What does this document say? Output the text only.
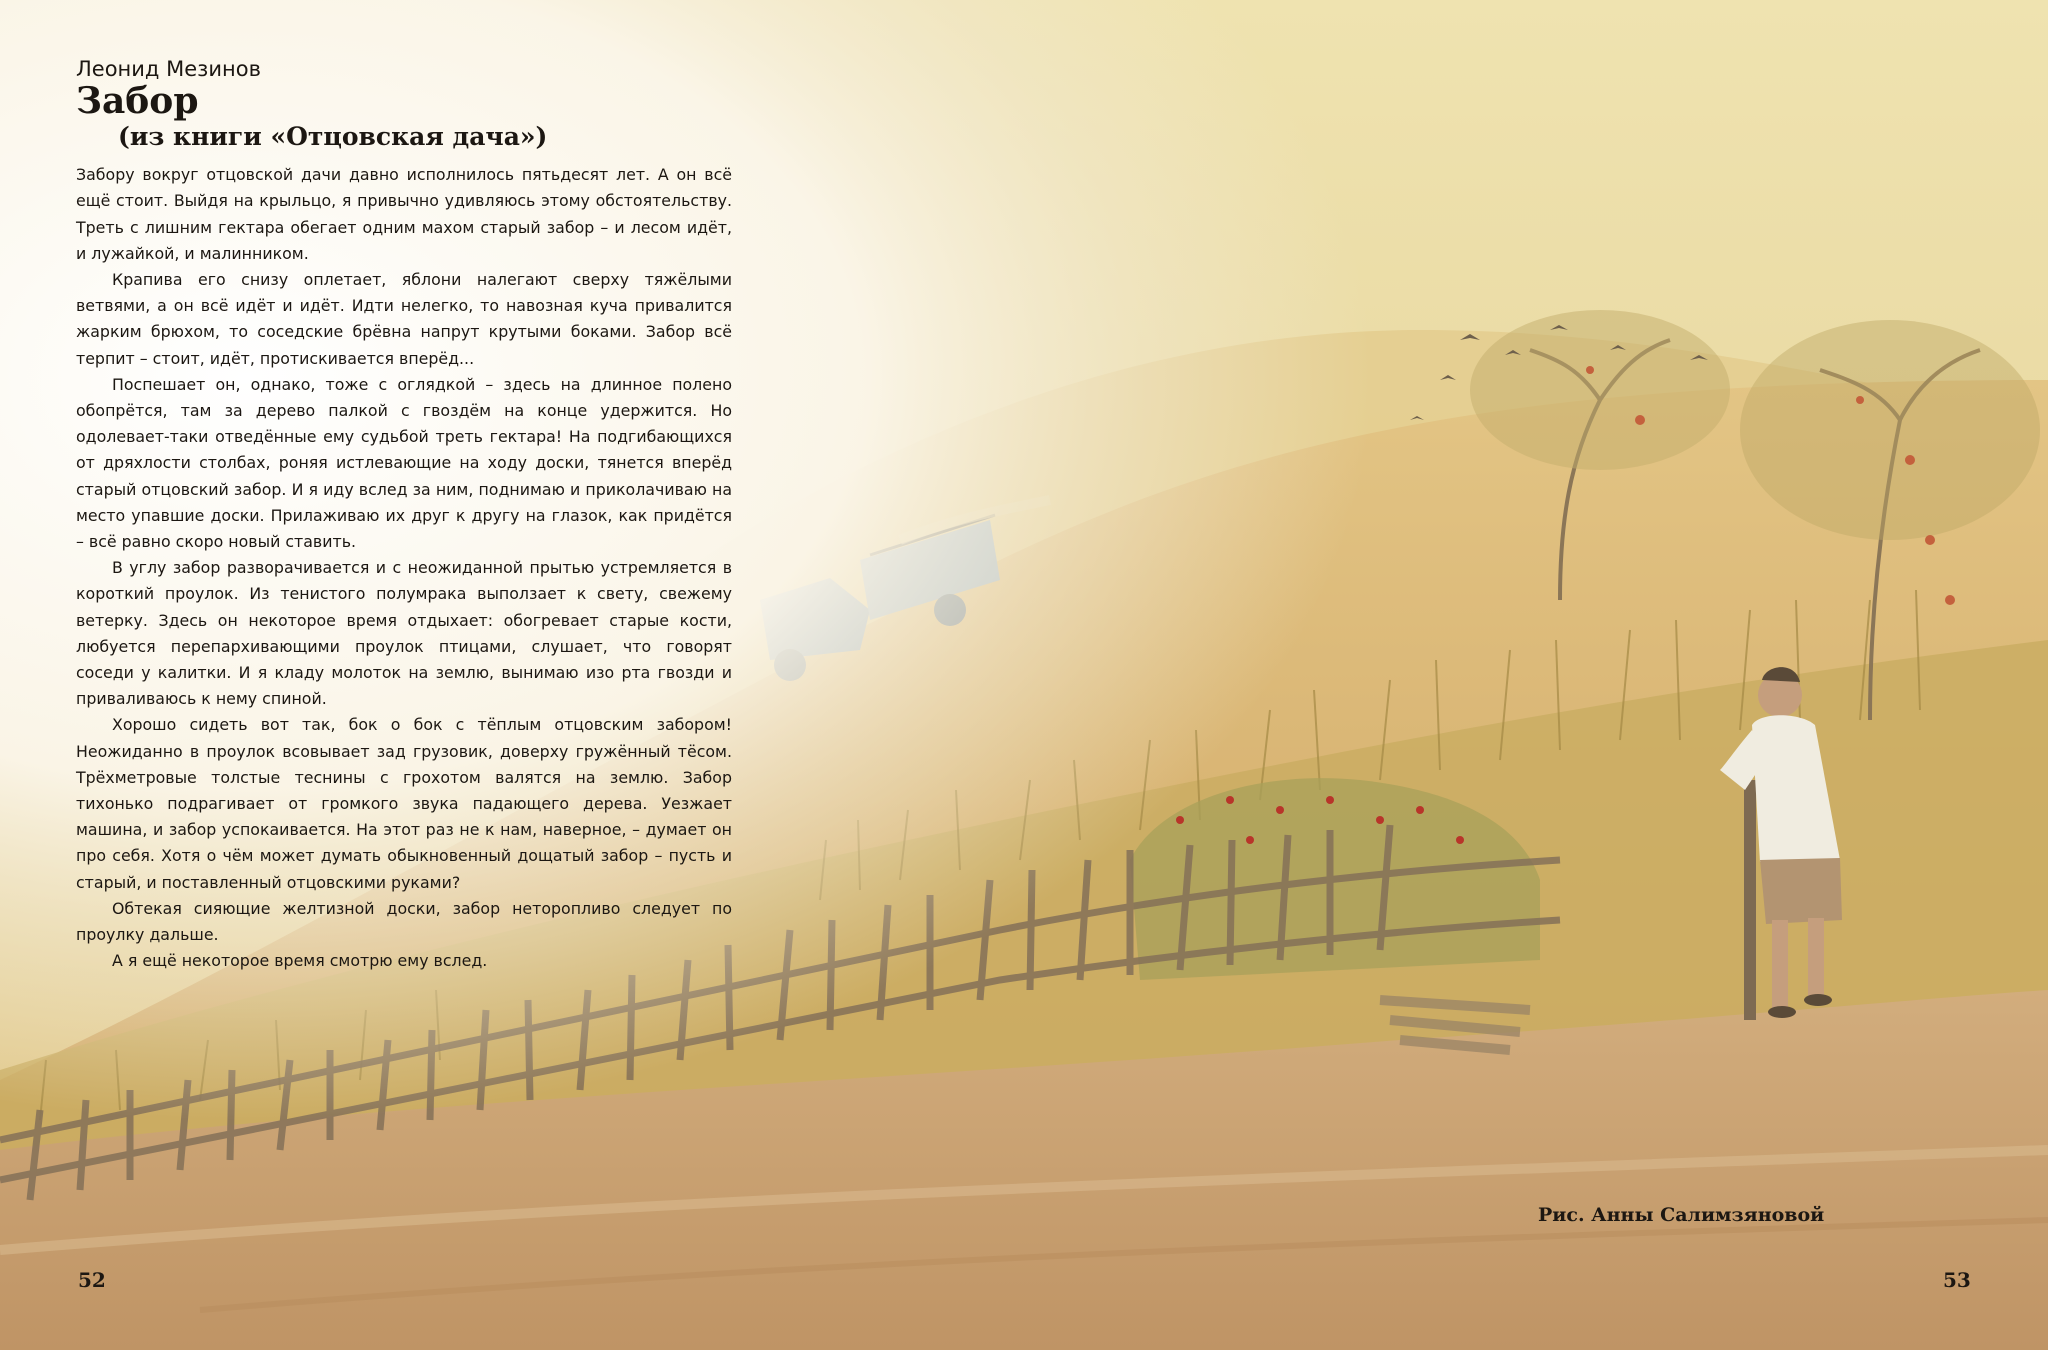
Леонид Мезинов
Забор
(из книги «Отцовская дача»)

Забору вокруг отцовской дачи давно исполнилось пятьдесят лет. А он всё ещё стоит. Выйдя на крыльцо, я привычно удивляюсь этому обстоятельству. Треть с лишним гектара обегает одним махом старый забор – и лесом идёт, и лужайкой, и малинником.

Крапива его снизу оплетает, яблони налегают сверху тяжёлыми ветвями, а он всё идёт и идёт. Идти нелегко, то навозная куча привалится жарким брюхом, то соседские брёвна напрут крутыми боками. Забор всё терпит – стоит, идёт, протискивается вперёд...

Поспешает он, однако, тоже с оглядкой – здесь на длинное полено обопрётся, там за дерево палкой с гвоздём на конце удержится. Но одолевает-таки отведённые ему судьбой треть гектара! На подгибающихся от дряхлости столбах, роняя истлевающие на ходу доски, тянется вперёд старый отцовский забор. И я иду вслед за ним, поднимаю и приколачиваю на место упавшие доски. Прилаживаю их друг к другу на глазок, как придётся – всё равно скоро новый ставить.

В углу забор разворачивается и с неожиданной прытью устремляется в короткий проулок. Из тенистого полумрака выползает к свету, свежему ветерку. Здесь он некоторое время отдыхает: обогревает старые кости, любуется перепархивающими проулок птицами, слушает, что говорят соседи у калитки. И я кладу молоток на землю, вынимаю изо рта гвозди и приваливаюсь к нему спиной.

Хорошо сидеть вот так, бок о бок с тёплым отцовским забором! Неожиданно в проулок всовывает зад грузовик, доверху гружённый тёсом. Трёхметровые толстые теснины с грохотом валятся на землю. Забор тихонько подрагивает от громкого звука падающего дерева. Уезжает машина, и забор успокаивается. На этот раз не к нам, наверное, – думает он про себя. Хотя о чём может думать обыкновенный дощатый забор – пусть и старый, и поставленный отцовскими руками?

Обтекая сияющие желтизной доски, забор неторопливо следует по проулку дальше.

А я ещё некоторое время смотрю ему вслед.

Рис. Анны Салимзяновой
52	53
